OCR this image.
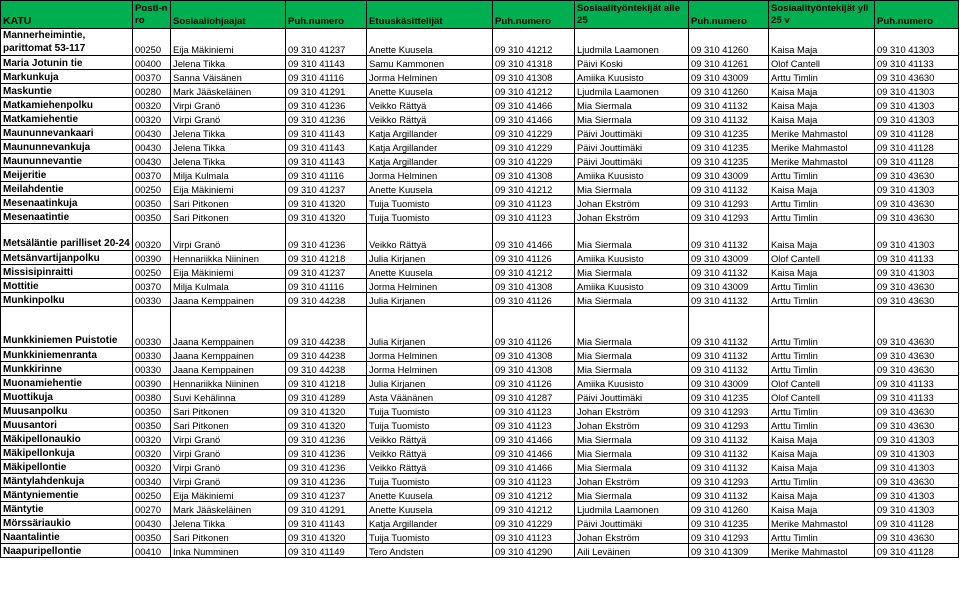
KATU	Posti-nro	Sosiaaliohjaajat	Puh.numero	Etuuskäsittelijät	Puh.numero	Sosiaalityöntekijät alle 25	Puh.numero	Sosiaalityöntekijät yli 25 v	Puh.numero
Mannerheimintie, parittomat 53-117	00250	Eija Mäkiniemi	09 310 41237	Anette Kuusela	09 310 41212	Ljudmila Laamonen	09 310 41260	Kaisa Maja	09 310 41303
Maria Jotunin tie	00400	Jelena Tikka	09 310 41143	Samu Kammonen	09 310 41318	Päivi Koski	09 310 41261	Olof Cantell	09 310 41133
Markunkuja	00370	Sanna Väisänen	09 310 41116	Jorma Helminen	09 310 41308	Amiika Kuusisto	09 310 43009	Arttu Timlin	09 310 43630
Maskuntie	00280	Mark Jääskeläinen	09 310 41291	Anette Kuusela	09 310 41212	Ljudmila Laamonen	09 310 41260	Kaisa Maja	09 310 41303
Matkamiehenpolku	00320	Virpi Granö	09 310 41236	Veikko Rättyä	09 310 41466	Mia Siermala	09 310 41132	Kaisa Maja	09 310 41303
Matkamiehentie	00320	Virpi Granö	09 310 41236	Veikko Rättyä	09 310 41466	Mia Siermala	09 310 41132	Kaisa Maja	09 310 41303
Maununnevankaari	00430	Jelena Tikka	09 310 41143	Katja Argillander	09 310 41229	Päivi Jouttimäki	09 310 41235	Merike Mahmastol	09 310 41128
Maununnevankuja	00430	Jelena Tikka	09 310 41143	Katja Argillander	09 310 41229	Päivi Jouttimäki	09 310 41235	Merike Mahmastol	09 310 41128
Maununnevantie	00430	Jelena Tikka	09 310 41143	Katja Argillander	09 310 41229	Päivi Jouttimäki	09 310 41235	Merike Mahmastol	09 310 41128
Meijeritie	00370	Milja Kulmala	09 310 41116	Jorma Helminen	09 310 41308	Amiika Kuusisto	09 310 43009	Arttu Timlin	09 310 43630
Meilahdentie	00250	Eija Mäkiniemi	09 310 41237	Anette Kuusela	09 310 41212	Mia Siermala	09 310 41132	Kaisa Maja	09 310 41303
Mesenaatinkuja	00350	Sari Pitkonen	09 310 41320	Tuija Tuomisto	09 310 41123	Johan Ekström	09 310 41293	Arttu Timlin	09 310 43630
Mesenaatintie	00350	Sari Pitkonen	09 310 41320	Tuija Tuomisto	09 310 41123	Johan Ekström	09 310 41293	Arttu Timlin	09 310 43630
Metsäläntie parilliset 20-24	00320	Virpi Granö	09 310 41236	Veikko Rättyä	09 310 41466	Mia Siermala	09 310 41132	Kaisa Maja	09 310 41303
Metsänvartijanpolku	00390	Hennariikka Niininen	09 310 41218	Julia Kirjanen	09 310 41126	Amiika Kuusisto	09 310 43009	Olof Cantell	09 310 41133
Missisipinraitti	00250	Eija Mäkiniemi	09 310 41237	Anette Kuusela	09 310 41212	Mia Siermala	09 310 41132	Kaisa Maja	09 310 41303
Mottitie	00370	Milja Kulmala	09 310 41116	Jorma Helminen	09 310 41308	Amiika Kuusisto	09 310 43009	Arttu Timlin	09 310 43630
Munkinpolku	00330	Jaana Kemppainen	09 310 44238	Julia Kirjanen	09 310 41126	Mia Siermala	09 310 41132	Arttu Timlin	09 310 43630
Munkkiniemen Puistotie	00330	Jaana Kemppainen	09 310 44238	Julia Kirjanen	09 310 41126	Mia Siermala	09 310 41132	Arttu Timlin	09 310 43630
Munkkiniemenranta	00330	Jaana Kemppainen	09 310 44238	Jorma Helminen	09 310 41308	Mia Siermala	09 310 41132	Arttu Timlin	09 310 43630
Munkkirinne	00330	Jaana Kemppainen	09 310 44238	Jorma Helminen	09 310 41308	Mia Siermala	09 310 41132	Arttu Timlin	09 310 43630
Muonamiehentie	00390	Hennariikka Niininen	09 310 41218	Julia Kirjanen	09 310 41126	Amiika Kuusisto	09 310 43009	Olof Cantell	09 310 41133
Muottikuja	00380	Suvi Kehälinna	09 310 41289	Asta Väänänen	09 310 41287	Päivi Jouttimäki	09 310 41235	Olof Cantell	09 310 41133
Muusanpolku	00350	Sari Pitkonen	09 310 41320	Tuija Tuomisto	09 310 41123	Johan Ekström	09 310 41293	Arttu Timlin	09 310 43630
Muusantori	00350	Sari Pitkonen	09 310 41320	Tuija Tuomisto	09 310 41123	Johan Ekström	09 310 41293	Arttu Timlin	09 310 43630
Mäkipellonaukio	00320	Virpi Granö	09 310 41236	Veikko Rättyä	09 310 41466	Mia Siermala	09 310 41132	Kaisa Maja	09 310 41303
Mäkipellonkuja	00320	Virpi Granö	09 310 41236	Veikko Rättyä	09 310 41466	Mia Siermala	09 310 41132	Kaisa Maja	09 310 41303
Mäkipellontie	00320	Virpi Granö	09 310 41236	Veikko Rättyä	09 310 41466	Mia Siermala	09 310 41132	Kaisa Maja	09 310 41303
Mäntylahdenkuja	00340	Virpi Granö	09 310 41236	Tuija Tuomisto	09 310 41123	Johan Ekström	09 310 41293	Arttu Timlin	09 310 43630
Mäntyniementie	00250	Eija Mäkiniemi	09 310 41237	Anette Kuusela	09 310 41212	Mia Siermala	09 310 41132	Kaisa Maja	09 310 41303
Mäntytie	00270	Mark Jääskeläinen	09 310 41291	Anette Kuusela	09 310 41212	Ljudmila Laamonen	09 310 41260	Kaisa Maja	09 310 41303
Mörssäriaukio	00430	Jelena Tikka	09 310 41143	Katja Argillander	09 310 41229	Päivi Jouttimäki	09 310 41235	Merike Mahmastol	09 310 41128
Naantalintie	00350	Sari Pitkonen	09 310 41320	Tuija Tuomisto	09 310 41123	Johan Ekström	09 310 41293	Arttu Timlin	09 310 43630
Naapuripellontie	00410	Inka Numminen	09 310 41149	Tero Andsten	09 310 41290	Aili Leväinen	09 310 41309	Merike Mahmastol	09 310 41128
